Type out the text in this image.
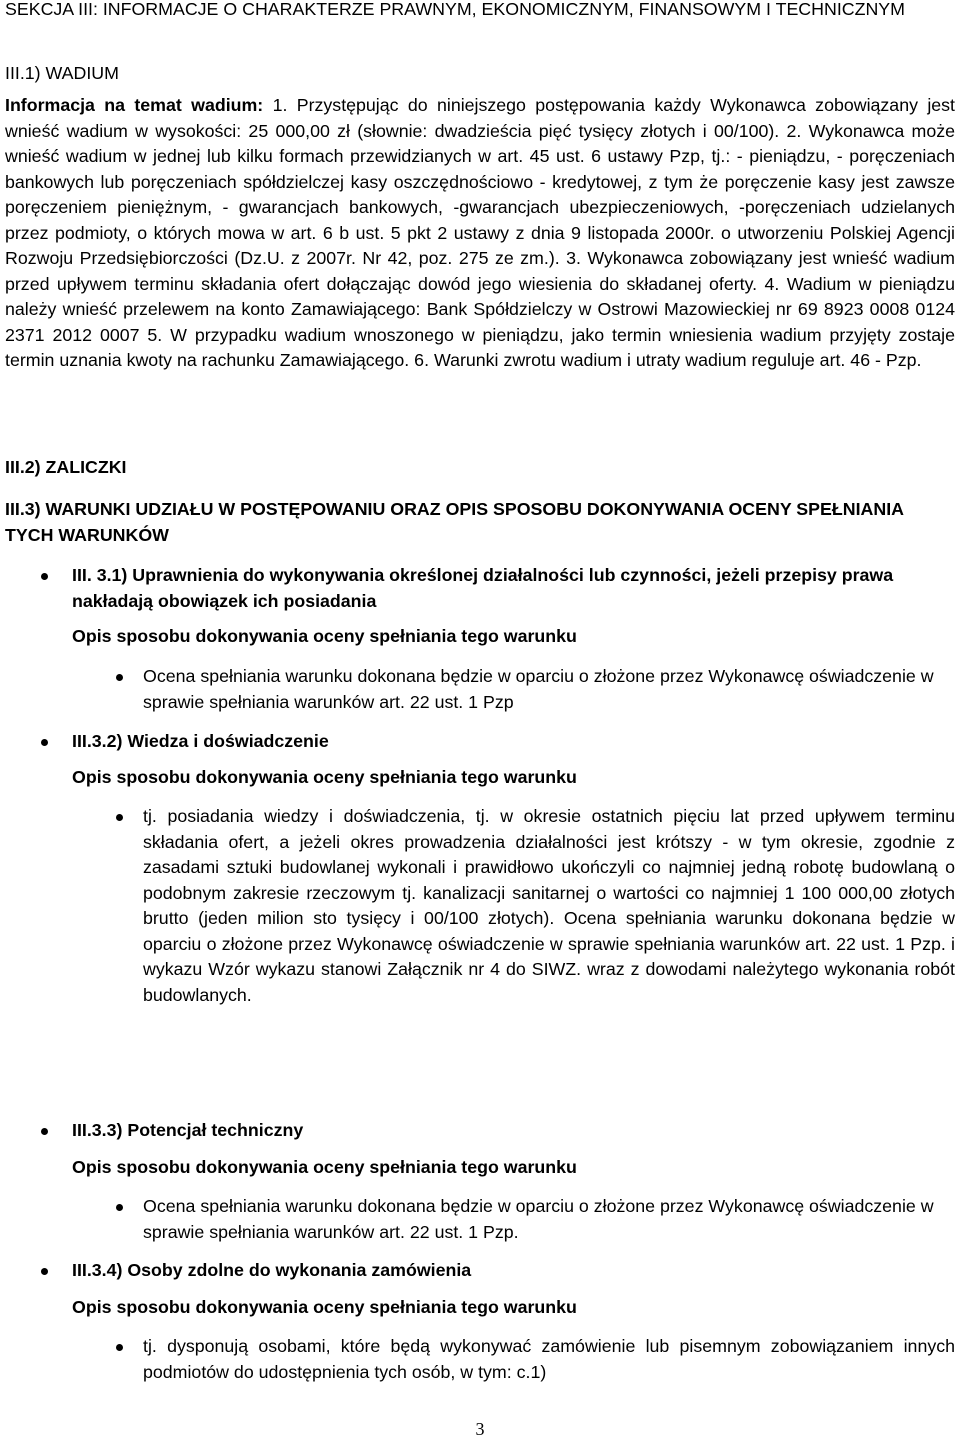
SEKCJA III: INFORMACJE O CHARAKTERZE PRAWNYM, EKONOMICZNYM, FINANSOWYM I TECHNICZNYM

III.1) WADIUM

Informacja na temat wadium: 1. Przystępując do niniejszego postępowania każdy Wykonawca zobowiązany jest wnieść wadium w wysokości: 25 000,00 zł (słownie: dwadzieścia pięć tysięcy złotych i 00/100). 2. Wykonawca może wnieść wadium w jednej lub kilku formach przewidzianych w art. 45 ust. 6 ustawy Pzp, tj.: - pieniądzu, - poręczeniach bankowych lub poręczeniach spółdzielczej kasy oszczędnościowo - kredytowej, z tym że poręczenie kasy jest zawsze poręczeniem pieniężnym, - gwarancjach bankowych, -gwarancjach ubezpieczeniowych, -poręczeniach udzielanych przez podmioty, o których mowa w art. 6 b ust. 5 pkt 2 ustawy z dnia 9 listopada 2000r. o utworzeniu Polskiej Agencji Rozwoju Przedsiębiorczości (Dz.U. z 2007r. Nr 42, poz. 275 ze zm.). 3. Wykonawca zobowiązany jest wnieść wadium przed upływem terminu składania ofert dołączając dowód jego wiesienia do składanej oferty. 4. Wadium w pieniądzu należy wnieść przelewem na konto Zamawiającego: Bank Spółdzielczy w Ostrowi Mazowieckiej nr 69 8923 0008 0124 2371 2012 0007 5. W przypadku wadium wnoszonego w pieniądzu, jako termin wniesienia wadium przyjęty zostaje termin uznania kwoty na rachunku Zamawiającego. 6. Warunki zwrotu wadium i utraty wadium reguluje art. 46 - Pzp.

III.2) ZALICZKI

III.3) WARUNKI UDZIAŁU W POSTĘPOWANIU ORAZ OPIS SPOSOBU DOKONYWANIA OCENY SPEŁNIANIA TYCH WARUNKÓW

III. 3.1) Uprawnienia do wykonywania określonej działalności lub czynności, jeżeli przepisy prawa nakładają obowiązek ich posiadania

Opis sposobu dokonywania oceny spełniania tego warunku

Ocena spełniania warunku dokonana będzie w oparciu o złożone przez Wykonawcę oświadczenie w sprawie spełniania warunków art. 22 ust. 1 Pzp

III.3.2) Wiedza i doświadczenie

Opis sposobu dokonywania oceny spełniania tego warunku

tj. posiadania wiedzy i doświadczenia, tj. w okresie ostatnich pięciu lat przed upływem terminu składania ofert, a jeżeli okres prowadzenia działalności jest krótszy - w tym okresie, zgodnie z zasadami sztuki budowlanej wykonali i prawidłowo ukończyli co najmniej jedną robotę budowlaną o podobnym zakresie rzeczowym tj. kanalizacji sanitarnej o wartości co najmniej 1 100 000,00 złotych brutto (jeden milion sto tysięcy i 00/100 złotych). Ocena spełniania warunku dokonana będzie w oparciu o złożone przez Wykonawcę oświadczenie w sprawie spełniania warunków art. 22 ust. 1 Pzp. i wykazu Wzór wykazu stanowi Załącznik nr 4 do SIWZ. wraz z dowodami należytego wykonania robót budowlanych.

III.3.3) Potencjał techniczny

Opis sposobu dokonywania oceny spełniania tego warunku

Ocena spełniania warunku dokonana będzie w oparciu o złożone przez Wykonawcę oświadczenie w sprawie spełniania warunków art. 22 ust. 1 Pzp.

III.3.4) Osoby zdolne do wykonania zamówienia

Opis sposobu dokonywania oceny spełniania tego warunku

tj. dysponują osobami, które będą wykonywać zamówienie lub pisemnym zobowiązaniem innych podmiotów do udostępnienia tych osób, w tym: c.1)

3
